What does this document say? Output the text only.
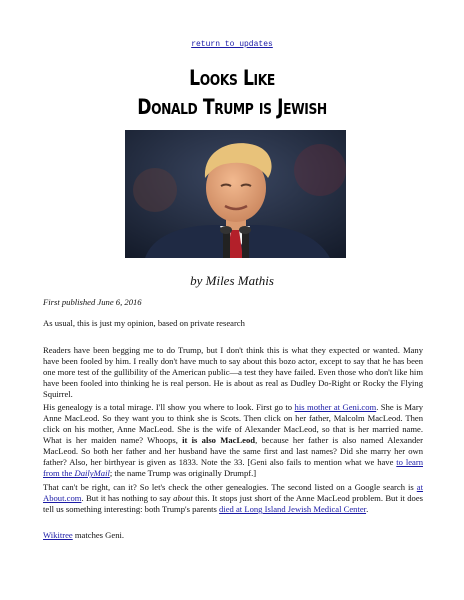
return to updates
Looks Like
Donald Trump is Jewish
by Miles Mathis
First published June 6, 2016
As usual, this is just my opinion, based on private research
Readers have been begging me to do Trump, but I don't think this is what they expected or wanted. Many have been fooled by him. I really don't have much to say about this bozo actor, except to say that he has been one more test of the gullibility of the American public—a test they have failed. Even those who don't like him have been fooled into thinking he is real person. He is about as real as Dudley Do-Right or Rocky the Flying Squirrel.
His genealogy is a total mirage. I'll show you where to look. First go to his mother at Geni.com. She is Mary Anne MacLeod. So they want you to think she is Scots. Then click on her father, Malcolm MacLeod. Then click on his mother, Anne MacLeod. She is the wife of Alexander MacLeod, so that is her married name. What is her maiden name? Whoops, it is also MacLeod, because her father is also named Alexander MacLeod. So both her father and her husband have the same first and last names? Did she marry her own father? Also, her birthyear is given as 1833. Note the 33. [Geni also fails to mention what we have to learn from the DailyMail; the name Trump was originally Drumpf.]
That can't be right, can it? So let's check the other genealogies. The second listed on a Google search is at About.com. But it has nothing to say about this. It stops just short of the Anne MacLeod problem. But it does tell us something interesting: both Trump's parents died at Long Island Jewish Medical Center.
Wikitree matches Geni.
